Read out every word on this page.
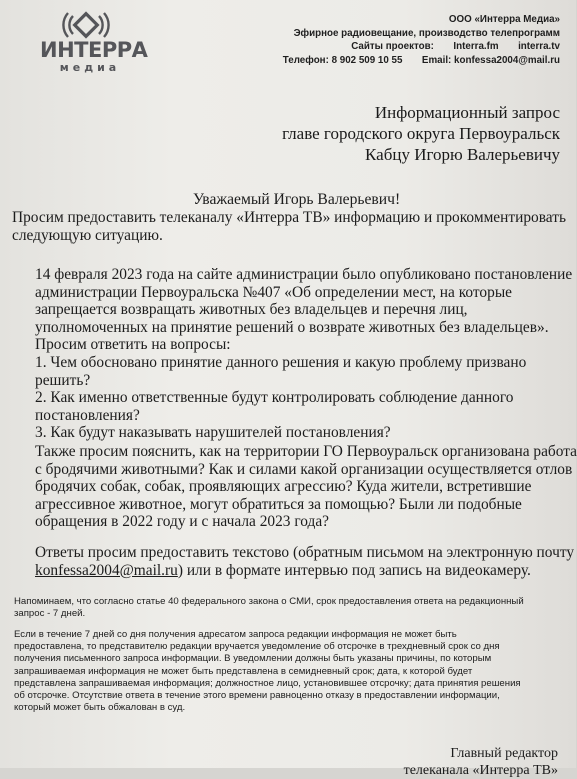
ИНТЕРРА
медиа
ООО «Интерра Медиа»
Эфирное радиовещание, производство телепрограмм
Сайты проектов: Interra.fm interra.tv
Телефон: 8 902 509 10 55 Email: konfessa2004@mail.ru
Информационный запрос
главе городского округа Первоуральск
Кабцу Игорю Валерьевичу
Уважаемый Игорь Валерьевич!
Просим предоставить телеканалу «Интерра ТВ» информацию и прокомментировать
следующую ситуацию.
14 февраля 2023 года на сайте администрации было опубликовано постановление
администрации Первоуральска №407 «Об определении мест, на которые
запрещается возвращать животных без владельцев и перечня лиц,
уполномоченных на принятие решений о возврате животных без владельцев».
Просим ответить на вопросы:
1. Чем обосновано принятие данного решения и какую проблему призвано
решить?
2. Как именно ответственные будут контролировать соблюдение данного
постановления?
3. Как будут наказывать нарушителей постановления?
Также просим пояснить, как на территории ГО Первоуральск организована работа
с бродячими животными? Как и силами какой организации осуществляется отлов
бродячих собак, собак, проявляющих агрессию? Куда жители, встретившие
агрессивное животное, могут обратиться за помощью? Были ли подобные
обращения в 2022 году и с начала 2023 года?
Ответы просим предоставить текстово (обратным письмом на электронную почту
konfessa2004@mail.ru) или в формате интервью под запись на видеокамеру.
Напоминаем, что согласно статье 40 федерального закона о СМИ, срок предоставления ответа на редакционный
запрос - 7 дней.
Если в течение 7 дней со дня получения адресатом запроса редакции информация не может быть
предоставлена, то представителю редакции вручается уведомление об отсрочке в трехдневный срок со дня
получения письменного запроса информации. В уведомлении должны быть указаны причины, по которым
запрашиваемая информация не может быть представлена в семидневный срок; дата, к которой будет
представлена запрашиваемая информация; должностное лицо, установившее отсрочку; дата принятия решения
об отсрочке. Отсутствие ответа в течение этого времени равноценно отказу в предоставлении информации,
который может быть обжалован в суд.
Главный редактор
телеканала «Интерра ТВ»
